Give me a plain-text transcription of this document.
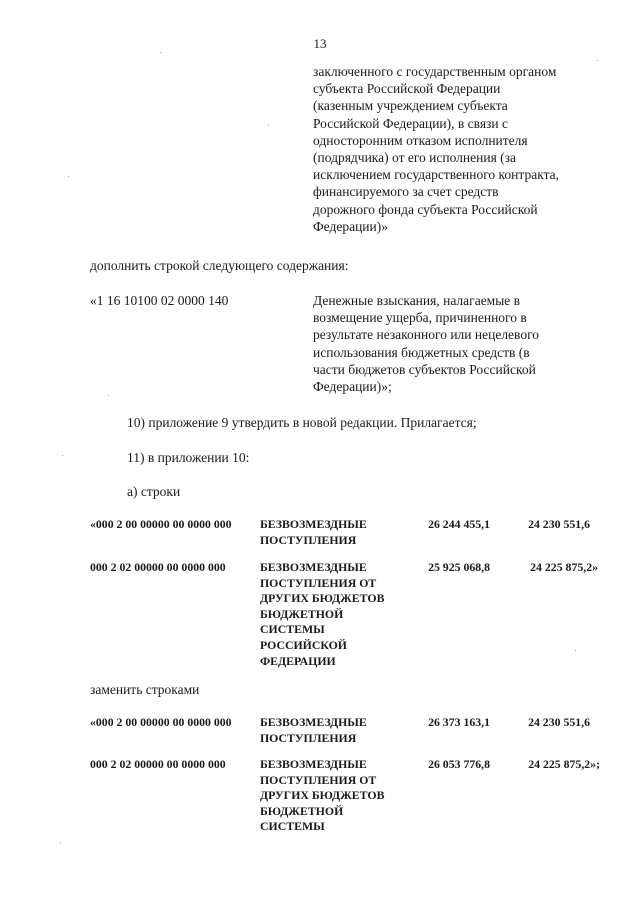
13
заключенного с государственным органом
субъекта Российской Федерации
(казенным учреждением субъекта
Российской Федерации), в связи с
односторонним отказом исполнителя
(подрядчика) от его исполнения (за
исключением государственного контракта,
финансируемого за счет средств
дорожного фонда субъекта Российской
Федерации)»
дополнить строкой следующего содержания:
«1 16 10100 02 0000 140	Денежные взыскания, налагаемые в
возмещение ущерба, причиненного в
результате незаконного или нецелевого
использования бюджетных средств (в
части бюджетов субъектов Российской
Федерации)»;
10) приложение 9 утвердить в новой редакции. Прилагается;
11) в приложении 10:
а) строки
«000 2 00 00000 00 0000 000 БЕЗВОЗМЕЗДНЫЕ
ПОСТУПЛЕНИЯ
26 244 455,1	24 230 551,6
000 2 02 00000 00 0000 000	БЕЗВОЗМЕЗДНЫЕ
ПОСТУПЛЕНИЯ ОТ
ДРУГИХ БЮДЖЕТОВ
БЮДЖЕТНОЙ
СИСТЕМЫ
РОССИЙСКОЙ
ФЕДЕРАЦИИ
25 925 068,8	24 225 875,2»
заменить строками
«000 2 00 00000 00 0000 000 БЕЗВОЗМЕЗДНЫЕ
ПОСТУПЛЕНИЯ
26 373 163,1	24 230 551,6
000 2 02 00000 00 0000 000	БЕЗВОЗМЕЗДНЫЕ
ПОСТУПЛЕНИЯ ОТ
ДРУГИХ БЮДЖЕТОВ
БЮДЖЕТНОЙ
СИСТЕМЫ
26 053 776,8	24 225 875,2»;
